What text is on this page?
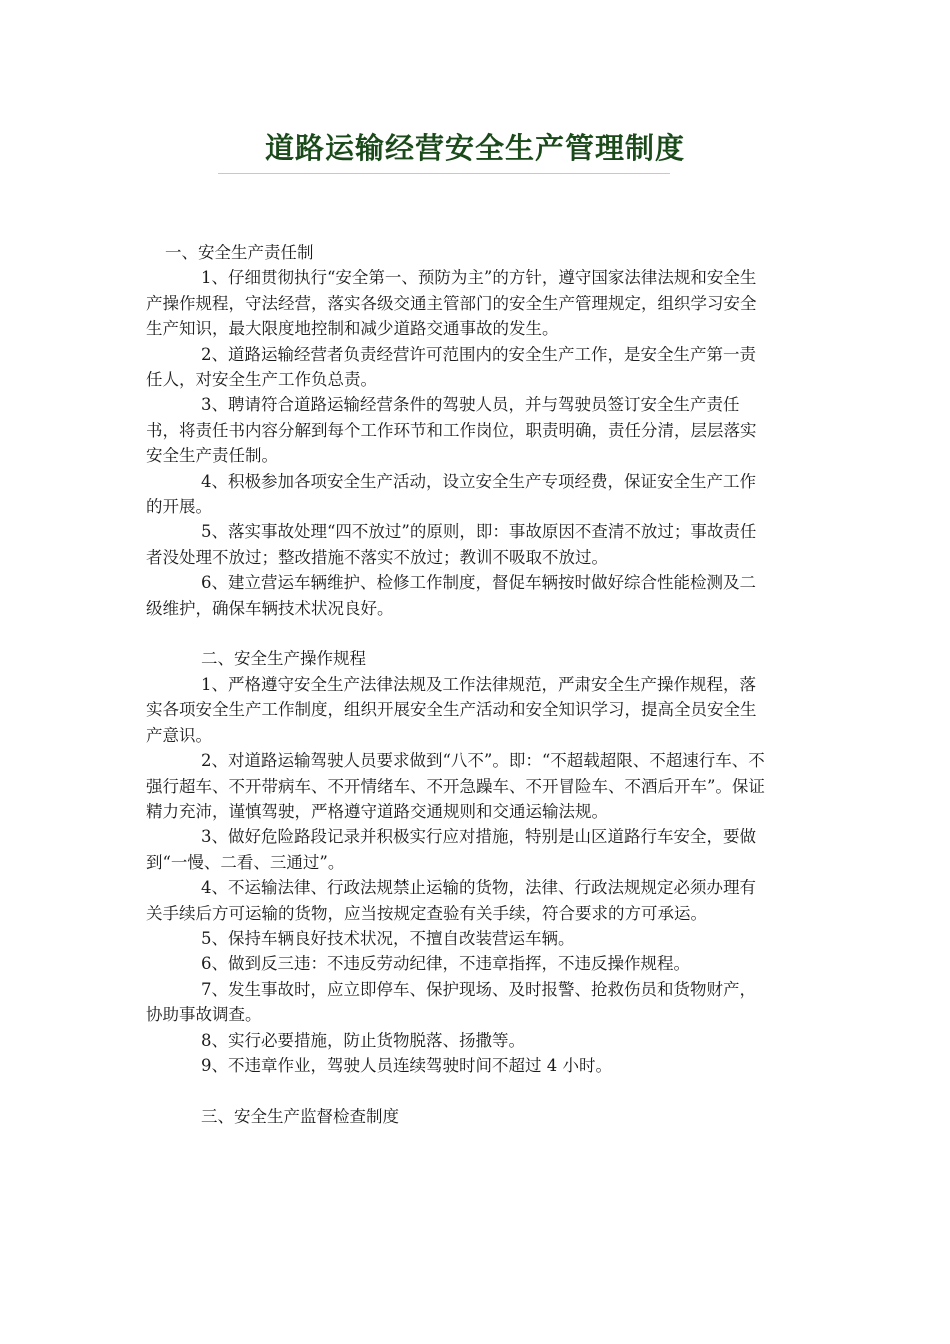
道路运输经营安全生产管理制度

一、安全生产责任制

1、仔细贯彻执行“安全第一、预防为主”的方针，遵守国家法律法规和安全生产操作规程，守法经营，落实各级交通主管部门的安全生产管理规定，组织学习安全生产知识，最大限度地控制和减少道路交通事故的发生。

2、道路运输经营者负责经营许可范围内的安全生产工作，是安全生产第一责任人，对安全生产工作负总责。

3、聘请符合道路运输经营条件的驾驶人员，并与驾驶员签订安全生产责任书，将责任书内容分解到每个工作环节和工作岗位，职责明确，责任分清，层层落实安全生产责任制。

4、积极参加各项安全生产活动，设立安全生产专项经费，保证安全生产工作的开展。

5、落实事故处理“四不放过”的原则，即：事故原因不查清不放过；事故责任者没处理不放过；整改措施不落实不放过；教训不吸取不放过。

6、建立营运车辆维护、检修工作制度，督促车辆按时做好综合性能检测及二级维护，确保车辆技术状况良好。

二、安全生产操作规程

1、严格遵守安全生产法律法规及工作法律规范，严肃安全生产操作规程，落实各项安全生产工作制度，组织开展安全生产活动和安全知识学习，提高全员安全生产意识。

2、对道路运输驾驶人员要求做到“八不”。即：“不超载超限、不超速行车、不强行超车、不开带病车、不开情绪车、不开急躁车、不开冒险车、不酒后开车”。保证精力充沛，谨慎驾驶，严格遵守道路交通规则和交通运输法规。

3、做好危险路段记录并积极实行应对措施，特别是山区道路行车安全，要做到“一慢、二看、三通过”。

4、不运输法律、行政法规禁止运输的货物，法律、行政法规规定必须办理有关手续后方可运输的货物，应当按规定查验有关手续，符合要求的方可承运。

5、保持车辆良好技术状况，不擅自改装营运车辆。

6、做到反三违：不违反劳动纪律，不违章指挥，不违反操作规程。

7、发生事故时，应立即停车、保护现场、及时报警、抢救伤员和货物财产，协助事故调查。

8、实行必要措施，防止货物脱落、扬撒等。

9、不违章作业，驾驶人员连续驾驶时间不超过 4 小时。

三、安全生产监督检查制度
